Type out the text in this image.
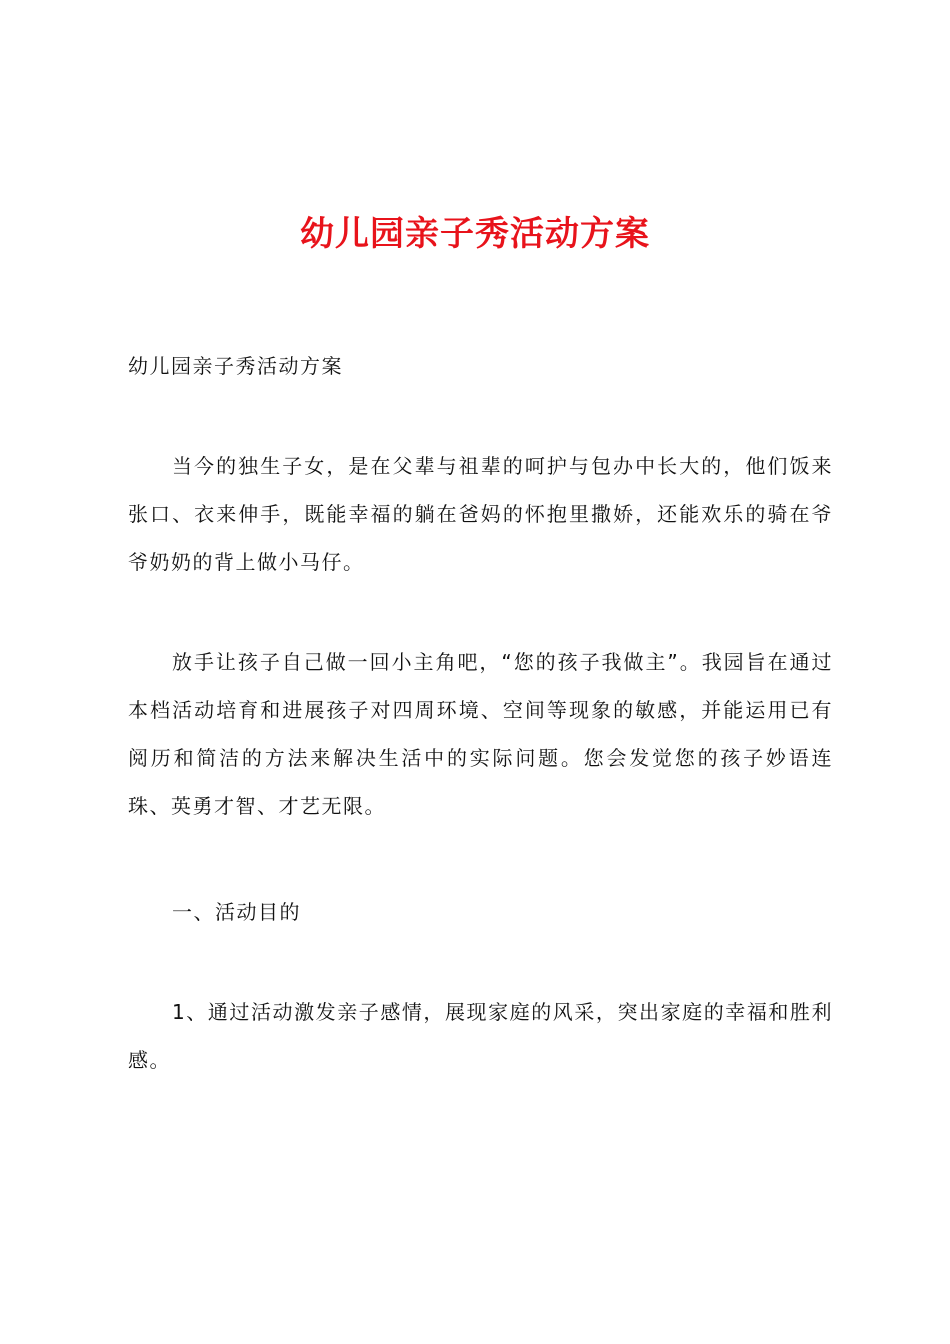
幼儿园亲子秀活动方案
幼儿园亲子秀活动方案
当今的独生子女，是在父辈与祖辈的呵护与包办中长大的，他们饭来张口、衣来伸手，既能幸福的躺在爸妈的怀抱里撒娇，还能欢乐的骑在爷爷奶奶的背上做小马仔。
放手让孩子自己做一回小主角吧，“您的孩子我做主”。我园旨在通过本档活动培育和进展孩子对四周环境、空间等现象的敏感，并能运用已有阅历和简洁的方法来解决生活中的实际问题。您会发觉您的孩子妙语连珠、英勇才智、才艺无限。
一、活动目的
1、通过活动激发亲子感情，展现家庭的风采，突出家庭的幸福和胜利感。
